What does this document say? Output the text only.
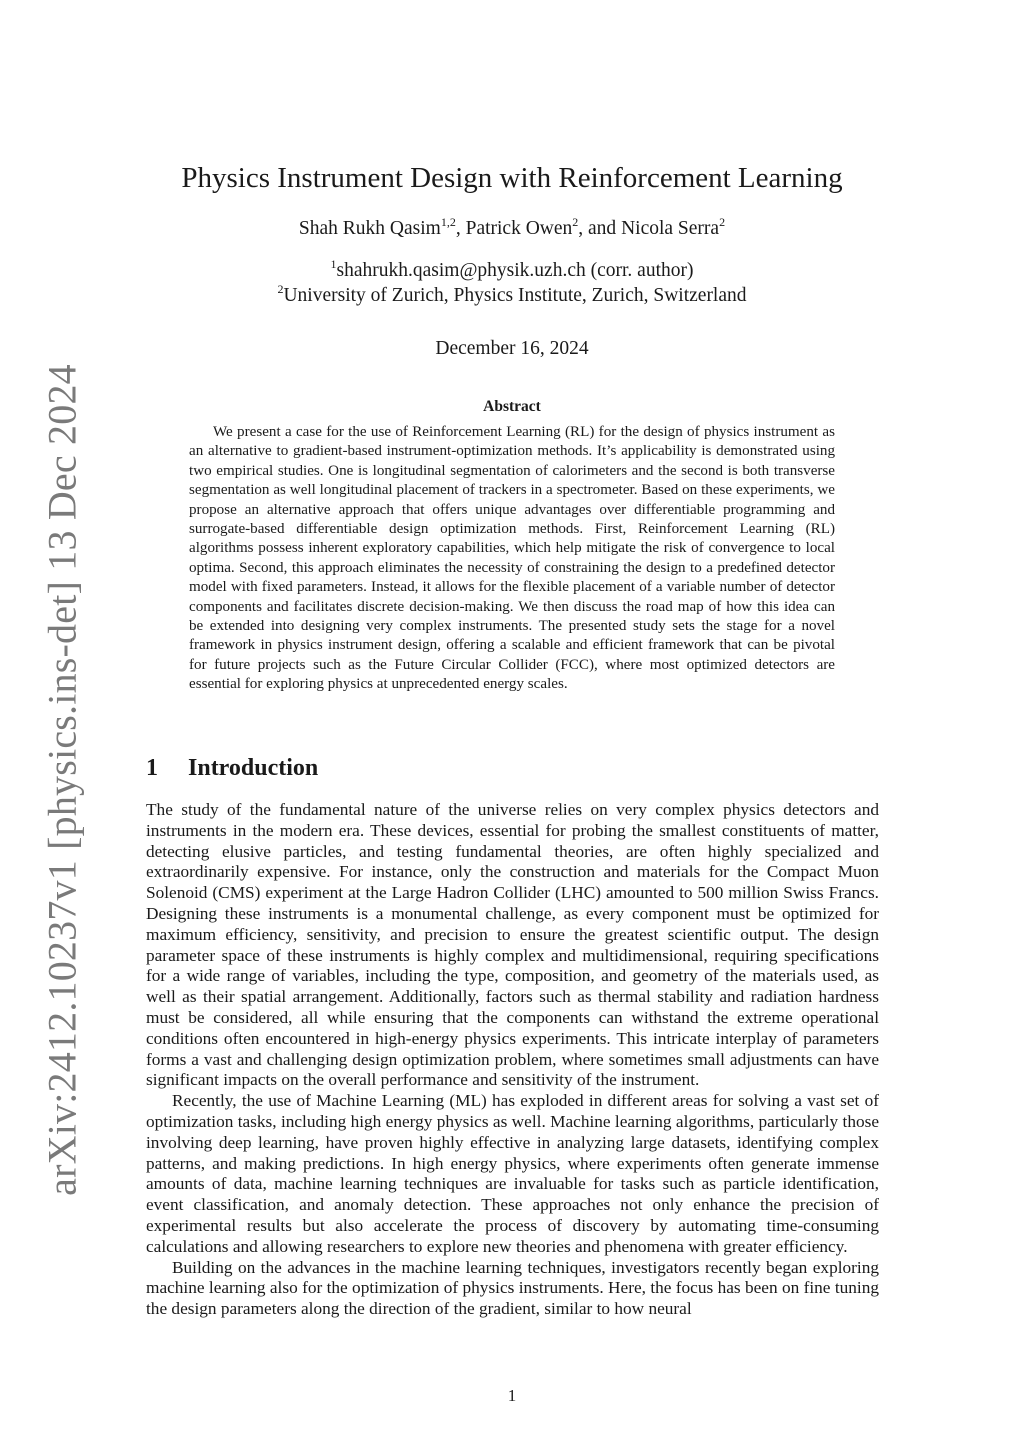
arXiv:2412.10237v1 [physics.ins-det] 13 Dec 2024
Physics Instrument Design with Reinforcement Learning
Shah Rukh Qasim$^{1,2}$, Patrick Owen$^2$, and Nicola Serra$^2$
$^1$shahrukh.qasim@physik.uzh.ch (corr. author)
$^2$University of Zurich, Physics Institute, Zurich, Switzerland
December 16, 2024
Abstract

We present a case for the use of Reinforcement Learning (RL) for the design of physics instrument as an alternative to gradient-based instrument-optimization methods. It’s applicability is demonstrated using two empirical studies. One is longitudinal segmentation of calorimeters and the second is both transverse segmentation as well longitudinal placement of trackers in a spectrometer. Based on these experiments, we propose an alternative approach that offers unique advantages over differentiable programming and surrogate-based differentiable design optimization methods. First, Reinforcement Learning (RL) algorithms possess inherent exploratory capabilities, which help mitigate the risk of convergence to local optima. Second, this approach eliminates the necessity of constraining the design to a predefined detector model with fixed parameters. Instead, it allows for the flexible placement of a variable number of detector components and facilitates discrete decision-making. We then discuss the road map of how this idea can be extended into designing very complex instruments. The presented study sets the stage for a novel framework in physics instrument design, offering a scalable and efficient framework that can be pivotal for future projects such as the Future Circular Collider (FCC), where most optimized detectors are essential for exploring physics at unprecedented energy scales.

1 Introduction

The study of the fundamental nature of the universe relies on very complex physics detectors and instruments in the modern era. These devices, essential for probing the smallest constituents of matter, detecting elusive particles, and testing fundamental theories, are often highly specialized and extraordinarily expensive. For instance, only the construction and materials for the Compact Muon Solenoid (CMS) experiment at the Large Hadron Collider (LHC) amounted to 500 million Swiss Francs. Designing these instruments is a monumental challenge, as every component must be optimized for maximum efficiency, sensitivity, and precision to ensure the greatest scientific output. The design parameter space of these instruments is highly complex and multidimensional, requiring specifications for a wide range of variables, including the type, composition, and geometry of the materials used, as well as their spatial arrangement. Additionally, factors such as thermal stability and radiation hardness must be considered, all while ensuring that the components can withstand the extreme operational conditions often encountered in high-energy physics experiments. This intricate interplay of parameters forms a vast and challenging design optimization problem, where sometimes small adjustments can have significant impacts on the overall performance and sensitivity of the instrument.

Recently, the use of Machine Learning (ML) has exploded in different areas for solving a vast set of optimization tasks, including high energy physics as well. Machine learning algorithms, particularly those involving deep learning, have proven highly effective in analyzing large datasets, identifying complex patterns, and making predictions. In high energy physics, where experiments often generate immense amounts of data, machine learning techniques are invaluable for tasks such as particle identification, event classification, and anomaly detection. These approaches not only enhance the precision of experimental results but also accelerate the process of discovery by automating time-consuming calculations and allowing researchers to explore new theories and phenomena with greater efficiency.

Building on the advances in the machine learning techniques, investigators recently began exploring machine learning also for the optimization of physics instruments. Here, the focus has been on fine tuning the design parameters along the direction of the gradient, similar to how neural

1
